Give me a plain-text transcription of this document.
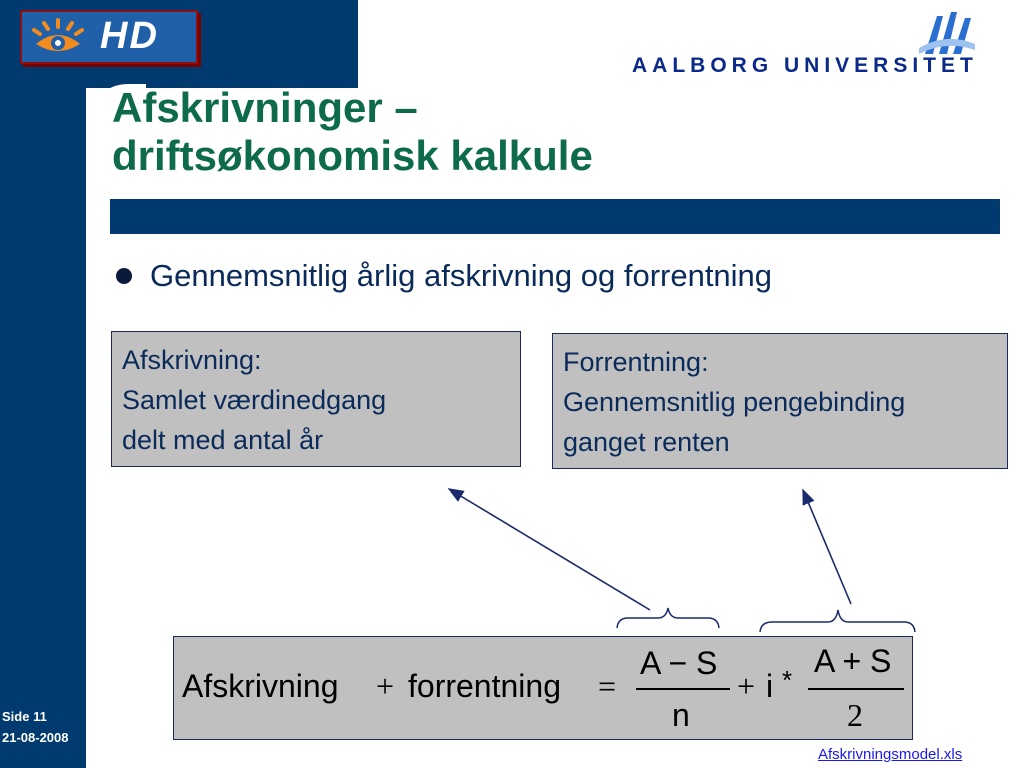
HD
AALBORG UNIVERSITET
Afskrivninger –
driftsøkonomisk kalkule
Gennemsnitlig årlig afskrivning og forrentning
Afskrivning:
Samlet værdinedgang
delt med antal år
Forrentning:
Gennemsnitlig pengebinding
ganget renten
Afskrivning + forrentning =
A − S
n
+ i *
A + S
2
Side 11
21-08-2008
Afskrivningsmodel.xls
